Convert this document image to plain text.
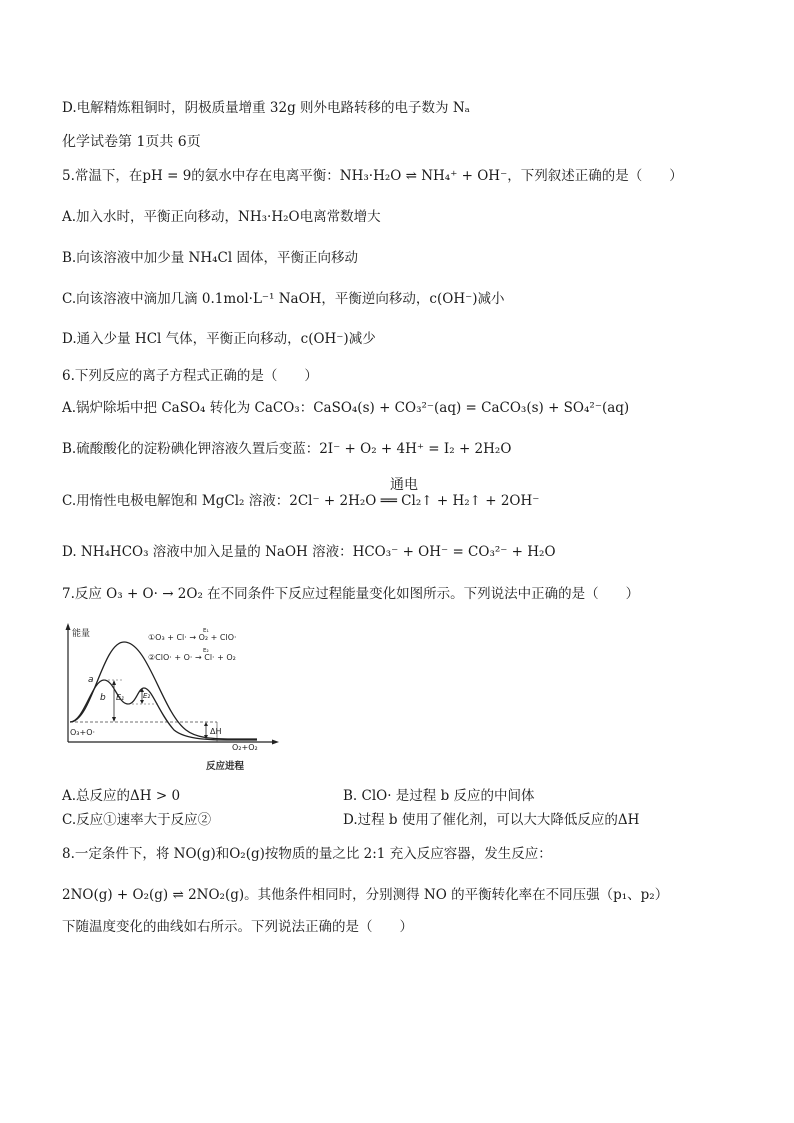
D.电解精炼粗铜时，阴极质量增重 32g 则外电路转移的电子数为 Nₐ
化学试卷第 1页共 6页
5.常温下，在pH = 9的氨水中存在电离平衡：NH₃·H₂O ⇌ NH₄⁺ + OH⁻，下列叙述正确的是（　　）
A.加入水时，平衡正向移动，NH₃·H₂O电离常数增大
B.向该溶液中加少量 NH₄Cl 固体，平衡正向移动
C.向该溶液中滴加几滴 0.1mol·L⁻¹ NaOH，平衡逆向移动，c(OH⁻)减小
D.通入少量 HCl 气体，平衡正向移动，c(OH⁻)减少
6.下列反应的离子方程式正确的是（　　）
A.锅炉除垢中把 CaSO₄ 转化为 CaCO₃：CaSO₄(s) + CO₃²⁻(aq) = CaCO₃(s) + SO₄²⁻(aq)
B.硫酸酸化的淀粉碘化钾溶液久置后变蓝：2I⁻ + O₂ + 4H⁺ = I₂ + 2H₂O
通电
C.用惰性电极电解饱和 MgCl₂ 溶液：2Cl⁻ + 2H₂O ══ Cl₂↑ + H₂↑ + 2OH⁻
D. NH₄HCO₃ 溶液中加入足量的 NaOH 溶液：HCO₃⁻ + OH⁻ = CO₃²⁻ + H₂O
7.反应 O₃ + O· → 2O₂ 在不同条件下反应过程能量变化如图所示。下列说法中正确的是（　　）
能量
反应进程
①O₃ + Cl· → O₂ + ClO·
E₁
②ClO· + O· → Cl· + O₂
E₂
a
b E₁	E₂
O₃+O·
O₂+O₂
ΔH
A.总反应的ΔH > 0	B. ClO· 是过程 b 反应的中间体
C.反应①速率大于反应②	D.过程 b 使用了催化剂，可以大大降低反应的ΔH
8.一定条件下，将 NO(g)和O₂(g)按物质的量之比 2:1 充入反应容器，发生反应：
2NO(g) + O₂(g) ⇌ 2NO₂(g)。其他条件相同时，分别测得 NO 的平衡转化率在不同压强（p₁、p₂）
下随温度变化的曲线如右所示。下列说法正确的是（　　）
